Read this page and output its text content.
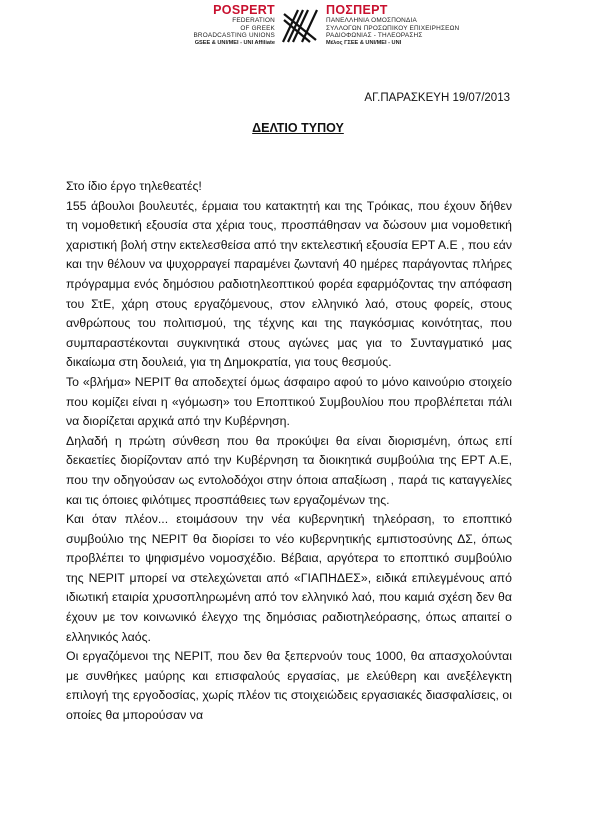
POSPERT
FEDERATION
OF GREEK
BROADCASTING UNIONS
GSEE & UNI/MEI - UNI Affiliate
ΠΟΣΠΕΡΤ
ΠΑΝΕΛΛΗΝΙΑ ΟΜΟΣΠΟΝΔΙΑ
ΣΥΛΛΟΓΩΝ ΠΡΟΣΩΠΙΚΟΥ ΕΠΙΧΕΙΡΗΣΕΩΝ
ΡΑΔΙΟΦΩΝΙΑΣ - ΤΗΛΕΟΡΑΣΗΣ
Μέλος ΓΣΕΕ & UNI/MEI - UNI
ΑΓ.ΠΑΡΑΣΚΕΥΗ 19/07/2013
ΔΕΛΤΙΟ ΤΥΠΟΥ

Στο ίδιο έργο τηλεθεατές!

155 άβουλοι βουλευτές, έρμαια του κατακτητή και της Τρόικας, που έχουν δήθεν τη νομοθετική εξουσία στα χέρια τους, προσπάθησαν να δώσουν μια νομοθετική χαριστική βολή στην εκτελεσθείσα από την εκτελεστική εξουσία ΕΡΤ Α.Ε , που εάν και την θέλουν να ψυχορραγεί παραμένει ζωντανή 40 ημέρες παράγοντας πλήρες πρόγραμμα ενός δημόσιου ραδιοτηλεοπτικού φορέα εφαρμόζοντας την απόφαση του ΣτΕ, χάρη στους εργαζόμενους, στον ελληνικό λαό, στους φορείς, στους ανθρώπους του πολιτισμού, της τέχνης και της παγκόσμιας κοινότητας, που συμπαραστέκονται συγκινητικά στους αγώνες μας για το Συνταγματικό μας δικαίωμα στη δουλειά, για τη Δημοκρατία, για τους θεσμούς.

Το «βλήμα» ΝΕΡΙΤ θα αποδεχτεί όμως άσφαιρο αφού το μόνο καινούριο στοιχείο που κομίζει είναι η «γόμωση» του Εποπτικού Συμβουλίου που προβλέπεται πάλι να διορίζεται αρχικά από την Κυβέρνηση.

Δηλαδή η πρώτη σύνθεση που θα προκύψει θα είναι διορισμένη, όπως επί δεκαετίες διορίζονταν από την Κυβέρνηση τα διοικητικά συμβούλια της ΕΡΤ Α.Ε, που την οδηγούσαν ως εντολοδόχοι στην όποια απαξίωση , παρά τις καταγγελίες και τις όποιες φιλότιμες προσπάθειες των εργαζομένων της.

Και όταν πλέον... ετοιμάσουν την νέα κυβερνητική τηλεόραση, το εποπτικό συμβούλιο της ΝΕΡΙΤ θα διορίσει το νέο κυβερνητικής εμπιστοσύνης ΔΣ, όπως προβλέπει το ψηφισμένο νομοσχέδιο. Βέβαια, αργότερα το εποπτικό συμβούλιο της ΝΕΡΙΤ μπορεί να στελεχώνεται από «ΓΙΑΠΗΔΕΣ», ειδικά επιλεγμένους από ιδιωτική εταιρία χρυσοπληρωμένη από τον ελληνικό λαό, που καμιά σχέση δεν θα έχουν με τον κοινωνικό έλεγχο της δημόσιας ραδιοτηλεόρασης, όπως απαιτεί ο ελληνικός λαός.

Οι εργαζόμενοι της ΝΕΡΙΤ, που δεν θα ξεπερνούν τους 1000, θα απασχολούνται με συνθήκες μαύρης και επισφαλούς εργασίας, με ελεύθερη και ανεξέλεγκτη επιλογή της εργοδοσίας, χωρίς πλέον τις στοιχειώδεις εργασιακές διασφαλίσεις, οι οποίες θα μπορούσαν να
